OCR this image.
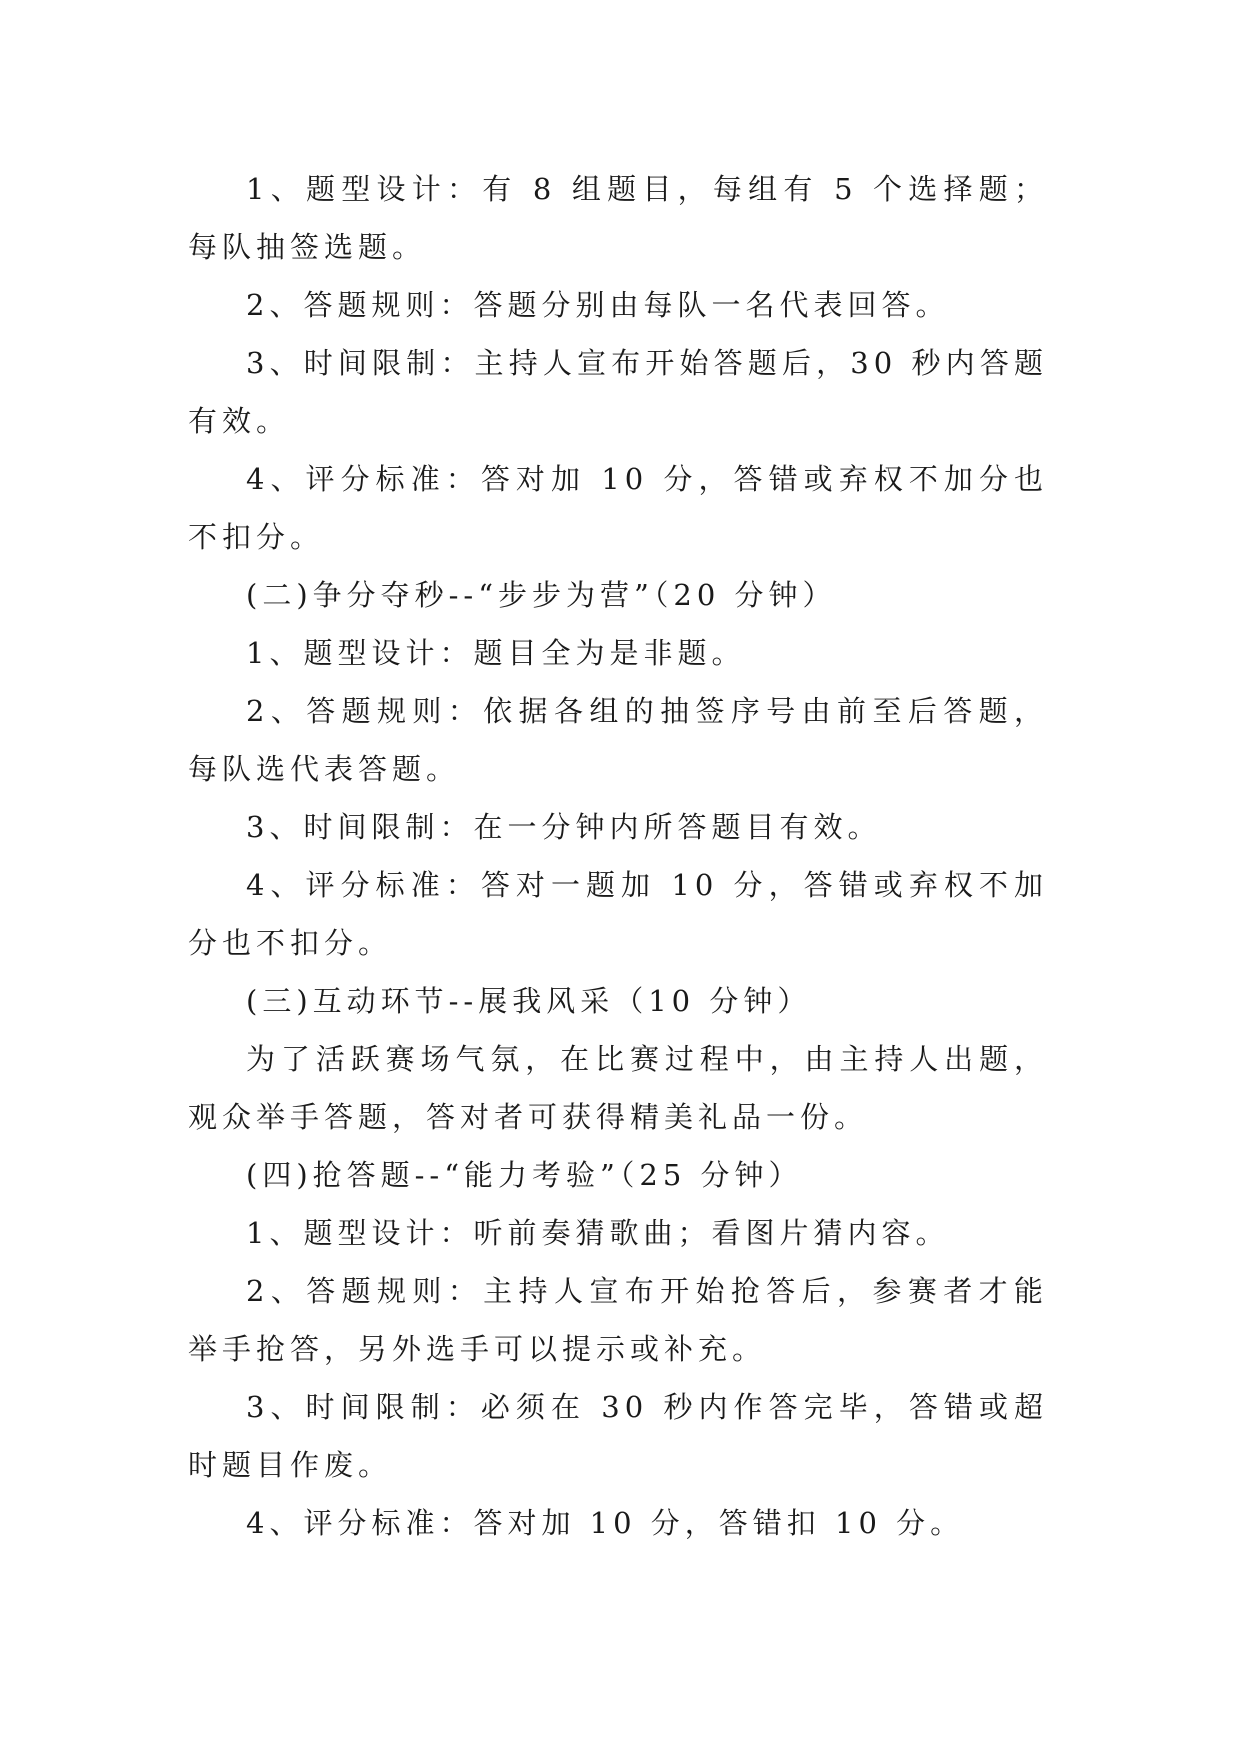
1、题型设计：有 8 组题目，每组有 5 个选择题；每队抽签选题。

2、答题规则：答题分别由每队一名代表回答。

3、时间限制：主持人宣布开始答题后，30 秒内答题有效。

4、评分标准：答对加 10 分，答错或弃权不加分也不扣分。

(二)争分夺秒--“步步为营”（20 分钟）

1、题型设计：题目全为是非题。

2、答题规则：依据各组的抽签序号由前至后答题，每队选代表答题。

3、时间限制：在一分钟内所答题目有效。

4、评分标准：答对一题加 10 分，答错或弃权不加分也不扣分。

(三)互动环节--展我风采（10 分钟）

为了活跃赛场气氛，在比赛过程中，由主持人出题，观众举手答题，答对者可获得精美礼品一份。

(四)抢答题--“能力考验”（25 分钟）

1、题型设计：听前奏猜歌曲；看图片猜内容。

2、答题规则：主持人宣布开始抢答后，参赛者才能举手抢答，另外选手可以提示或补充。

3、时间限制：必须在 30 秒内作答完毕，答错或超时题目作废。

4、评分标准：答对加 10 分，答错扣 10 分。
